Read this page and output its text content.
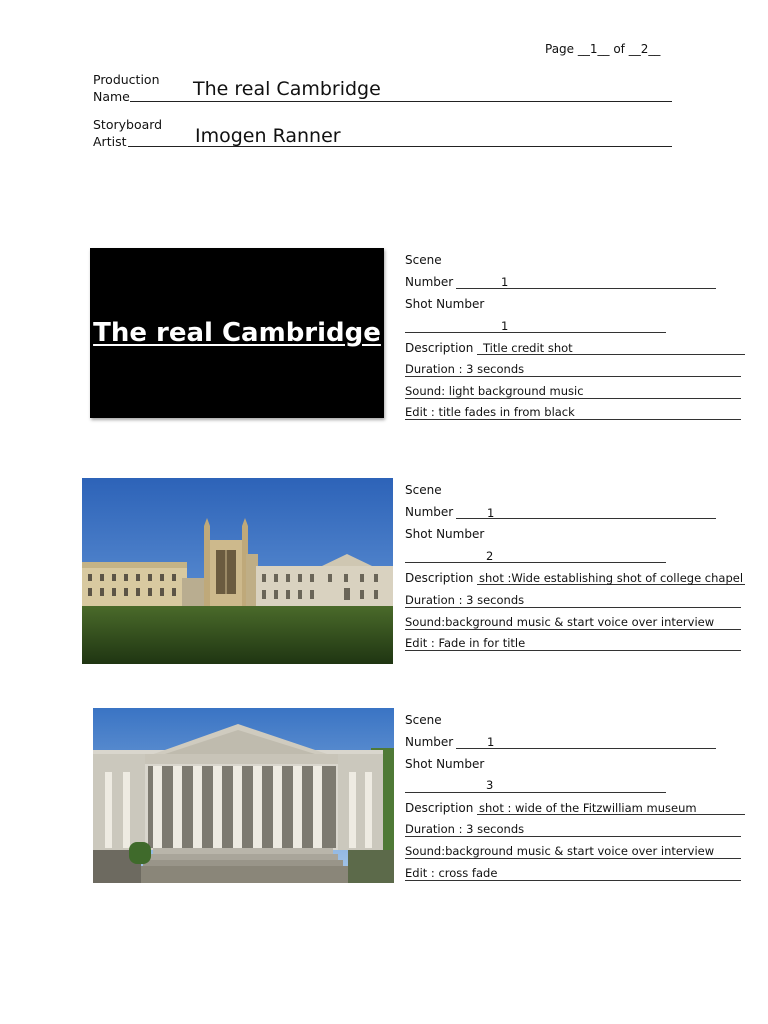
Page __1__ of __2__
Production
Name	The real Cambridge
Storyboard
Artist	Imogen Ranner
The real Cambridge
Scene
Number	1
Shot Number
1
Description Title credit shot
Duration : 3 seconds
Sound: light background music
Edit : title fades in from black
Scene
Number	1
Shot Number
2
Description shot :Wide establishing shot of college chapel
Duration : 3 seconds
Sound:background music & start voice over interview
Edit : Fade in for title
Scene
Number	1
Shot Number
3
Description shot : wide of the Fitzwilliam museum
Duration : 3 seconds
Sound:background music & start voice over interview
Edit : cross fade
